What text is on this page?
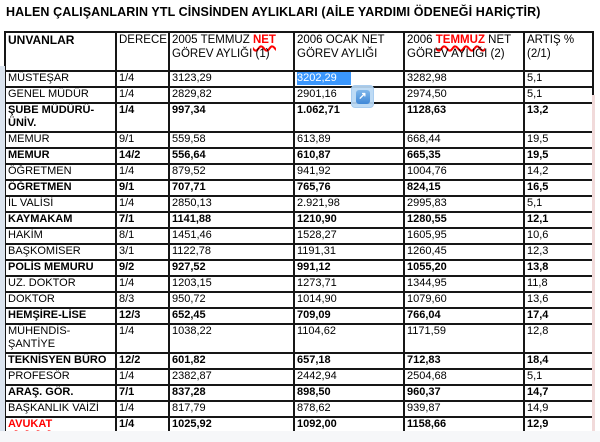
HALEN ÇALIŞANLARIN YTL CİNSİNDEN AYLIKLARI (AİLE YARDIMI ÖDENEĞİ HARİÇTİR)
UNVANLAR	DERECE	2005 TEMMUZ NET GÖREV AYLIĞI (1)	2006 OCAK NET GÖREV AYLIĞI	2006 TEMMUZ NET GÖREV AYLIĞI (2)	ARTIŞ % (2/1)
MÜSTEŞAR	1/4	3123,29	3202,29	3282,98	5,1
GENEL MÜDÜR	1/4	2829,82	2901,16	2974,50	5,1
ŞUBE MÜDÜRÜ-ÜNİV.	1/4	997,34	1.062,71	1128,63	13,2
MEMUR	9/1	559,58	613,89	668,44	19,5
MEMUR	14/2	556,64	610,87	665,35	19,5
ÖĞRETMEN	1/4	879,52	941,92	1004,76	14,2
ÖĞRETMEN	9/1	707,71	765,76	824,15	16,5
İL VALİSİ	1/4	2850,13	2.921,98	2995,83	5,1
KAYMAKAM	7/1	1141,88	1210,90	1280,55	12,1
HAKİM	8/1	1451,46	1528,27	1605,95	10,6
BAŞKOMİSER	3/1	1122,78	1191,31	1260,45	12,3
POLİS MEMURU	9/2	927,52	991,12	1055,20	13,8
UZ. DOKTOR	1/4	1203,15	1273,71	1344,95	11,8
DOKTOR	8/3	950,72	1014,90	1079,60	13,6
HEMŞİRE-LİSE	12/3	652,45	709,09	766,04	17,4
MÜHENDİS-ŞANTİYE	1/4	1038,22	1104,62	1171,59	12,8
TEKNİSYEN BÜRO	12/2	601,82	657,18	712,83	18,4
PROFESÖR	1/4	2382,87	2442,94	2504,68	5,1
ARAŞ. GÖR.	7/1	837,28	898,50	960,37	14,7
BAŞKANLIK VAİZİ	1/4	817,79	878,62	939,87	14,9
AVUKAT	1/4	1025,92	1092,00	1158,66	12,9
↗
